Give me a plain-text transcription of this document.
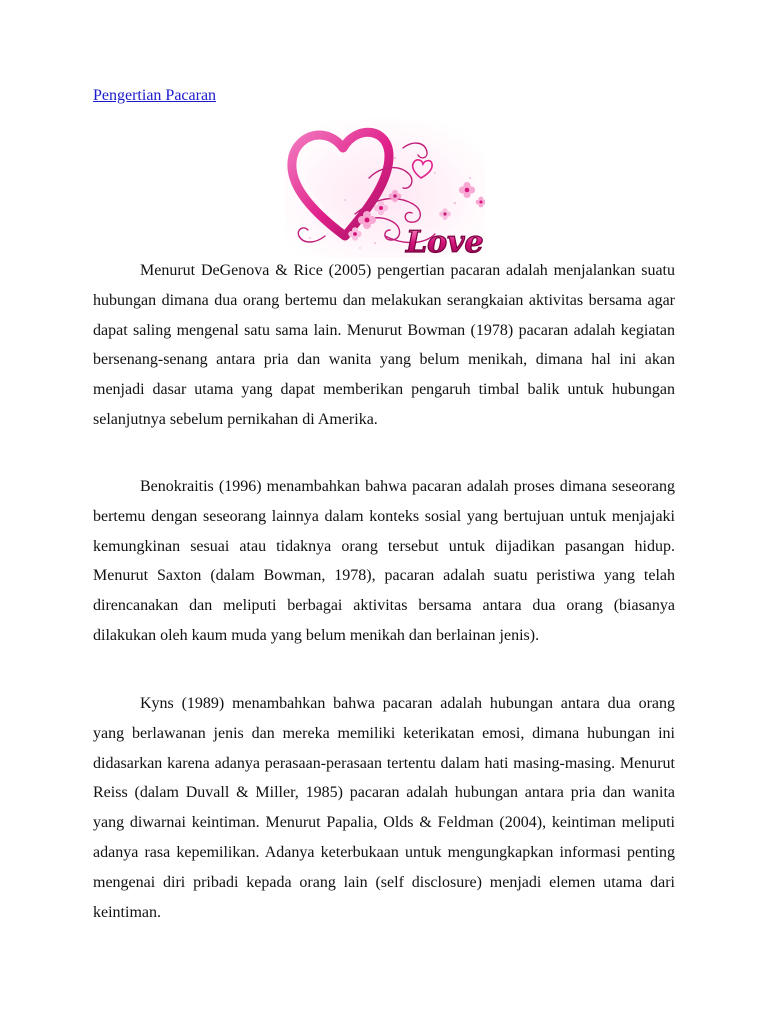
Pengertian Pacaran
Love

Menurut DeGenova & Rice (2005) pengertian pacaran adalah menjalankan suatu hubungan dimana dua orang bertemu dan melakukan serangkaian aktivitas bersama agar dapat saling mengenal satu sama lain. Menurut Bowman (1978) pacaran adalah kegiatan bersenang-senang antara pria dan wanita yang belum menikah, dimana hal ini akan menjadi dasar utama yang dapat memberikan pengaruh timbal balik untuk hubungan selanjutnya sebelum pernikahan di Amerika.

Benokraitis (1996) menambahkan bahwa pacaran adalah proses dimana seseorang bertemu dengan seseorang lainnya dalam konteks sosial yang bertujuan untuk menjajaki kemungkinan sesuai atau tidaknya orang tersebut untuk dijadikan pasangan hidup. Menurut Saxton (dalam Bowman, 1978), pacaran adalah suatu peristiwa yang telah direncanakan dan meliputi berbagai aktivitas bersama antara dua orang (biasanya dilakukan oleh kaum muda yang belum menikah dan berlainan jenis).

Kyns (1989) menambahkan bahwa pacaran adalah hubungan antara dua orang yang berlawanan jenis dan mereka memiliki keterikatan emosi, dimana hubungan ini didasarkan karena adanya perasaan-perasaan tertentu dalam hati masing-masing. Menurut Reiss (dalam Duvall & Miller, 1985) pacaran adalah hubungan antara pria dan wanita yang diwarnai keintiman. Menurut Papalia, Olds & Feldman (2004), keintiman meliputi adanya rasa kepemilikan. Adanya keterbukaan untuk mengungkapkan informasi penting mengenai diri pribadi kepada orang lain (self disclosure) menjadi elemen utama dari keintiman.
